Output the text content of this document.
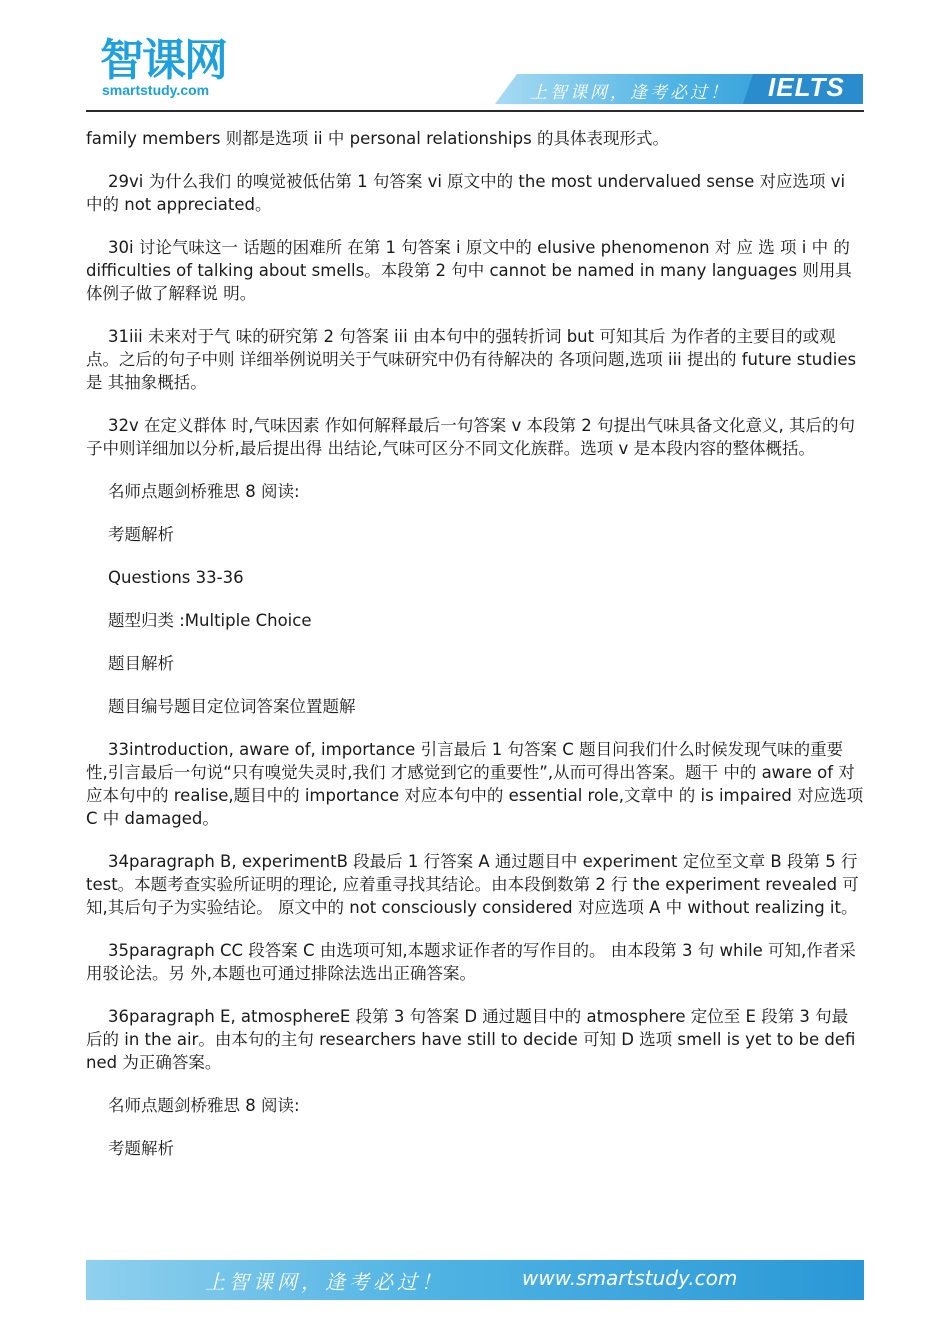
智课网
smartstudy.com	上智课网，逢考必过！ IELTS

family members 则都是选项 ii 中 personal relationships 的具体表现形式。

29vi 为什么我们 的嗅觉被低估第 1 句答案 vi 原文中的 the most undervalued sense 对应选项 vi 中的 not appreciated。

30i 讨论气味这一 话题的困难所 在第 1 句答案 i 原文中的 elusive phenomenon 对 应 选 项 i 中 的 difficulties of talking about smells。本段第 2 句中 cannot be named in many languages 则用具体例子做了解释说 明。

31iii 未来对于气 味的研究第 2 句答案 iii 由本句中的强转折词 but 可知其后 为作者的主要目的或观点。之后的句子中则 详细举例说明关于气味研究中仍有待解决的 各项问题,选项 iii 提出的 future studies 是 其抽象概括。

32v 在定义群体 时,气味因素 作如何解释最后一句答案 v 本段第 2 句提出气味具备文化意义, 其后的句子中则详细加以分析,最后提出得 出结论,气味可区分不同文化族群。选项 v 是本段内容的整体概括。

名师点题剑桥雅思 8 阅读:

考题解析

Questions 33-36

题型归类 :Multiple Choice

题目解析

题目编号题目定位词答案位置题解

33introduction, aware of, importance 引言最后 1 句答案 C 题目问我们什么时候发现气味的重要 性,引言最后一句说“只有嗅觉失灵时,我们 才感觉到它的重要性”,从而可得出答案。题干 中的 aware of 对应本句中的 realise,题目中的 importance 对应本句中的 essential role,文章中 的 is impaired 对应选项 C 中 damaged。

34paragraph B, experimentB 段最后 1 行答案 A 通过题目中 experiment 定位至文章 B 段第 5 行 test。本题考查实验所证明的理论, 应着重寻找其结论。由本段倒数第 2 行 the experiment revealed 可知,其后句子为实验结论。 原文中的 not consciously considered 对应选项 A 中 without realizing it。

35paragraph CC 段答案 C 由选项可知,本题求证作者的写作目的。 由本段第 3 句 while 可知,作者采用驳论法。另 外,本题也可通过排除法选出正确答案。

36paragraph E, atmosphereE 段第 3 句答案 D 通过题目中的 atmosphere 定位至 E 段第 3 句最后的 in the air。由本句的主句 researchers have still to decide 可知 D 选项 smell is yet to be defined 为正确答案。

名师点题剑桥雅思 8 阅读:

考题解析

上智课网，逢考必过！	www.smartstudy.com
